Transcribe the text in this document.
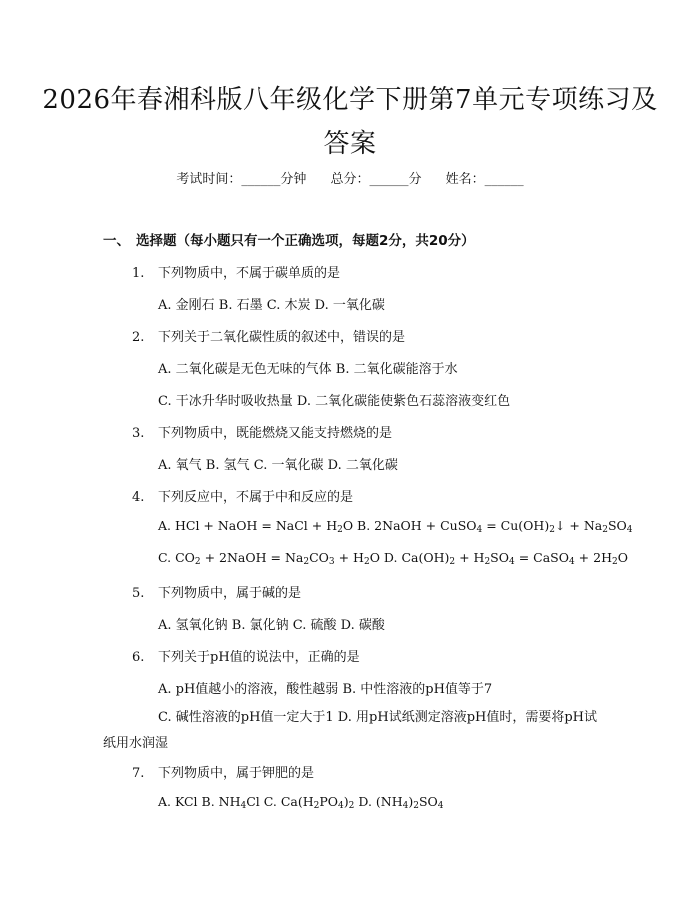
2026年春湘科版八年级化学下册第7单元专项练习及答案
考试时间：______分钟 总分：______分 姓名：______
一、 选择题（每小题只有一个正确选项，每题2分，共20分）
1. 下列物质中，不属于碳单质的是
A. 金刚石 B. 石墨 C. 木炭 D. 一氧化碳
2. 下列关于二氧化碳性质的叙述中，错误的是
A. 二氧化碳是无色无味的气体 B. 二氧化碳能溶于水
C. 干冰升华时吸收热量 D. 二氧化碳能使紫色石蕊溶液变红色
3. 下列物质中，既能燃烧又能支持燃烧的是
A. 氧气 B. 氢气 C. 一氧化碳 D. 二氧化碳
4. 下列反应中，不属于中和反应的是
A. HCl + NaOH = NaCl + $H_2O$ B. 2NaOH + CuSO$_4$ = $Cu(OH)_2↓ + Na_2SO_4$
C. $CO_2$ + 2NaOH = $Na_2CO_3 + H_2O$ D. $Ca(OH)_2 + H_2SO_4$ = CaSO$_4$ + $2H_2O$
5. 下列物质中，属于碱的是
A. 氢氧化钠 B. 氯化钠 C. 硫酸 D. 碳酸
6. 下列关于pH值的说法中，正确的是
A. pH值越小的溶液，酸性越弱 B. 中性溶液的pH值等于7
C. 碱性溶液的pH值一定大于1 D. 用pH试纸测定溶液pH值时，需要将pH试纸用水润湿
7. 下列物质中，属于钾肥的是
A. KCl B. $NH_4Cl$ C. $Ca(H_2PO_4)_2$ D. $(NH_4)_2SO_4$
